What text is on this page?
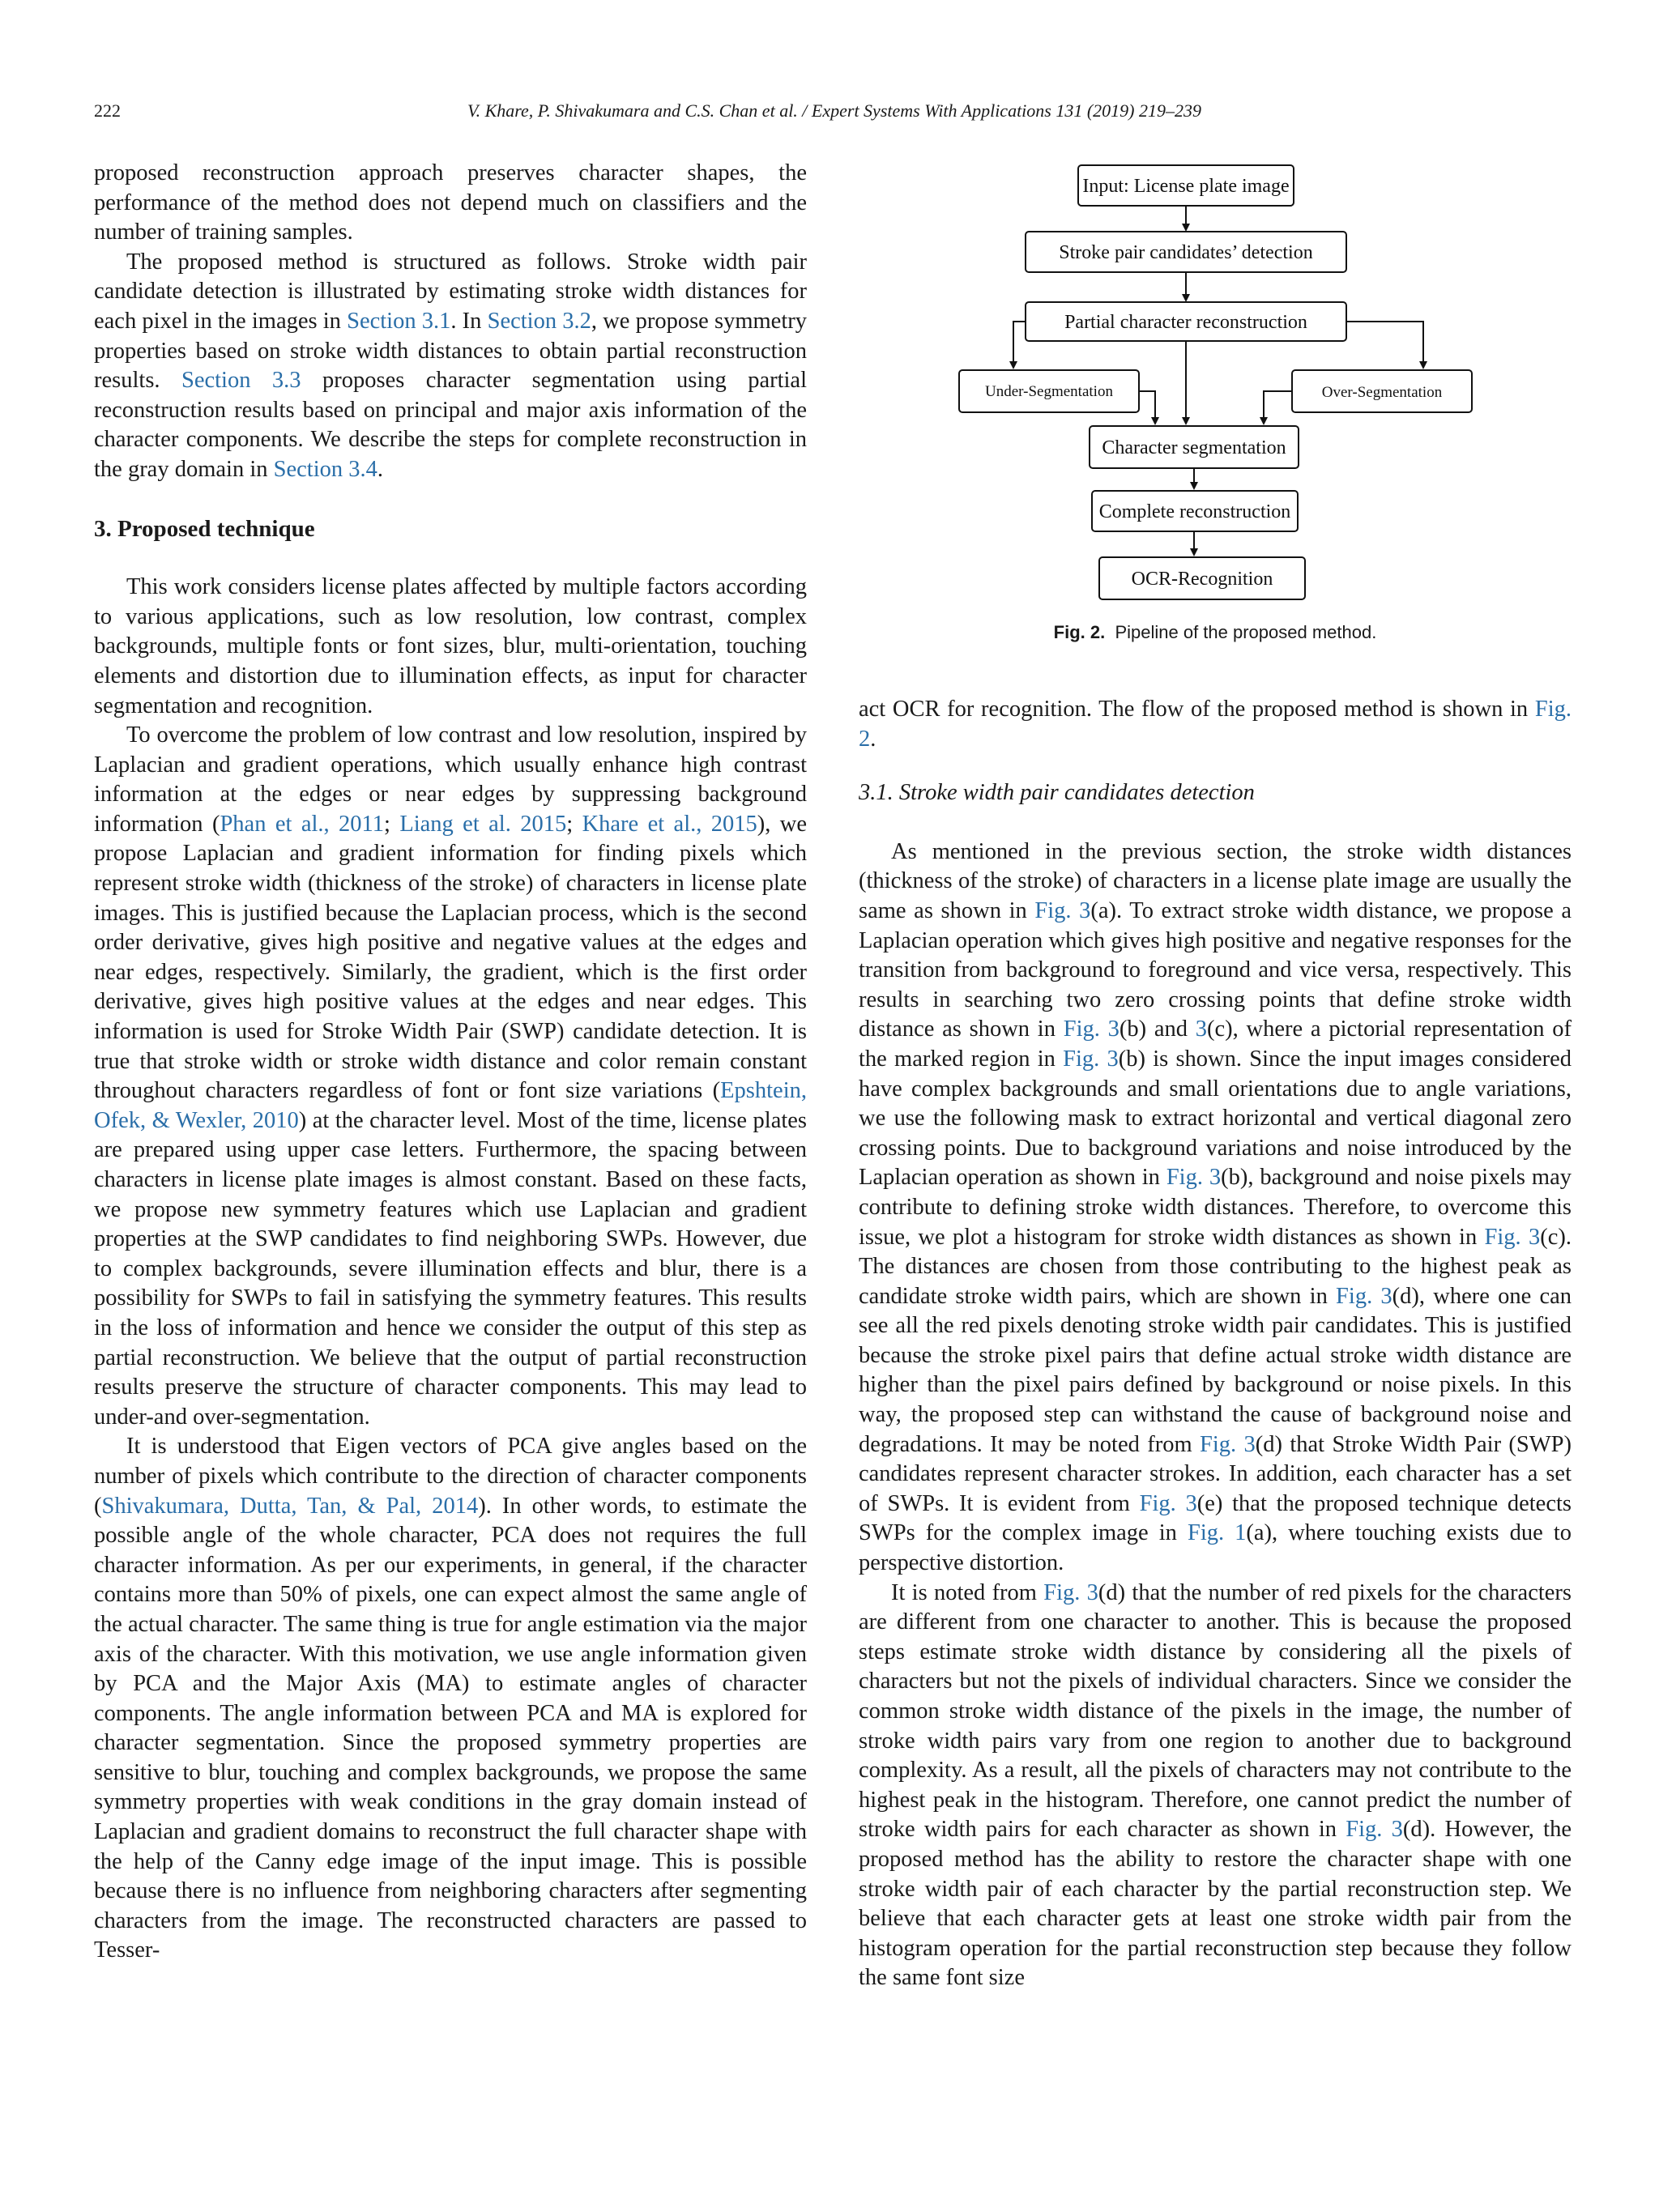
222	V. Khare, P. Shivakumara and C.S. Chan et al. / Expert Systems With Applications 131 (2019) 219–239

proposed reconstruction approach preserves character shapes, the performance of the method does not depend much on classifiers and the number of training samples.

The proposed method is structured as follows. Stroke width pair candidate detection is illustrated by estimating stroke width distances for each pixel in the images in Section 3.1. In Section 3.2, we propose symmetry properties based on stroke width distances to obtain partial reconstruction results. Section 3.3 proposes character segmentation using partial reconstruction results based on principal and major axis information of the character components. We describe the steps for complete reconstruction in the gray domain in Section 3.4.

3. Proposed technique

This work considers license plates affected by multiple factors according to various applications, such as low resolution, low contrast, complex backgrounds, multiple fonts or font sizes, blur, multi-orientation, touching elements and distortion due to illumination effects, as input for character segmentation and recognition.

To overcome the problem of low contrast and low resolution, inspired by Laplacian and gradient operations, which usually enhance high contrast information at the edges or near edges by suppressing background information (Phan et al., 2011; Liang et al. 2015; Khare et al., 2015), we propose Laplacian and gradient information for finding pixels which represent stroke width (thickness of the stroke) of characters in license plate images. This is justified because the Laplacian process, which is the second order derivative, gives high positive and negative values at the edges and near edges, respectively. Similarly, the gradient, which is the first order derivative, gives high positive values at the edges and near edges. This information is used for Stroke Width Pair (SWP) candidate detection. It is true that stroke width or stroke width distance and color remain constant throughout characters regardless of font or font size variations (Epshtein, Ofek, & Wexler, 2010) at the character level. Most of the time, license plates are prepared using upper case letters. Furthermore, the spacing between characters in license plate images is almost constant. Based on these facts, we propose new symmetry features which use Laplacian and gradient properties at the SWP candidates to find neighboring SWPs. However, due to complex backgrounds, severe illumination effects and blur, there is a possibility for SWPs to fail in satisfying the symmetry features. This results in the loss of information and hence we consider the output of this step as partial reconstruction. We believe that the output of partial reconstruction results preserve the structure of character components. This may lead to under-and over-segmentation.

It is understood that Eigen vectors of PCA give angles based on the number of pixels which contribute to the direction of character components (Shivakumara, Dutta, Tan, & Pal, 2014). In other words, to estimate the possible angle of the whole character, PCA does not requires the full character information. As per our experiments, in general, if the character contains more than 50% of pixels, one can expect almost the same angle of the actual character. The same thing is true for angle estimation via the major axis of the character. With this motivation, we use angle information given by PCA and the Major Axis (MA) to estimate angles of character components. The angle information between PCA and MA is explored for character segmentation. Since the proposed symmetry properties are sensitive to blur, touching and complex backgrounds, we propose the same symmetry properties with weak conditions in the gray domain instead of Laplacian and gradient domains to reconstruct the full character shape with the help of the Canny edge image of the input image. This is possible because there is no influence from neighboring characters after segmenting characters from the image. The reconstructed characters are passed to Tesser-

Input: License plate image
Stroke pair candidates’ detection
Partial character reconstruction
Under-Segmentation	Over-Segmentation
Character segmentation
Complete reconstruction
OCR-Recognition
Fig. 2. Pipeline of the proposed method.

act OCR for recognition. The flow of the proposed method is shown in Fig. 2.

3.1. Stroke width pair candidates detection

As mentioned in the previous section, the stroke width distances (thickness of the stroke) of characters in a license plate image are usually the same as shown in Fig. 3(a). To extract stroke width distance, we propose a Laplacian operation which gives high positive and negative responses for the transition from background to foreground and vice versa, respectively. This results in searching two zero crossing points that define stroke width distance as shown in Fig. 3(b) and 3(c), where a pictorial representation of the marked region in Fig. 3(b) is shown. Since the input images considered have complex backgrounds and small orientations due to angle variations, we use the following mask to extract horizontal and vertical diagonal zero crossing points. Due to background variations and noise introduced by the Laplacian operation as shown in Fig. 3(b), background and noise pixels may contribute to defining stroke width distances. Therefore, to overcome this issue, we plot a histogram for stroke width distances as shown in Fig. 3(c). The distances are chosen from those contributing to the highest peak as candidate stroke width pairs, which are shown in Fig. 3(d), where one can see all the red pixels denoting stroke width pair candidates. This is justified because the stroke pixel pairs that define actual stroke width distance are higher than the pixel pairs defined by background or noise pixels. In this way, the proposed step can withstand the cause of background noise and degradations. It may be noted from Fig. 3(d) that Stroke Width Pair (SWP) candidates represent character strokes. In addition, each character has a set of SWPs. It is evident from Fig. 3(e) that the proposed technique detects SWPs for the complex image in Fig. 1(a), where touching exists due to perspective distortion.

It is noted from Fig. 3(d) that the number of red pixels for the characters are different from one character to another. This is because the proposed steps estimate stroke width distance by considering all the pixels of characters but not the pixels of individual characters. Since we consider the common stroke width distance of the pixels in the image, the number of stroke width pairs vary from one region to another due to background complexity. As a result, all the pixels of characters may not contribute to the highest peak in the histogram. Therefore, one cannot predict the number of stroke width pairs for each character as shown in Fig. 3(d). However, the proposed method has the ability to restore the character shape with one stroke width pair of each character by the partial reconstruction step. We believe that each character gets at least one stroke width pair from the histogram operation for the partial reconstruction step because they follow the same font size
